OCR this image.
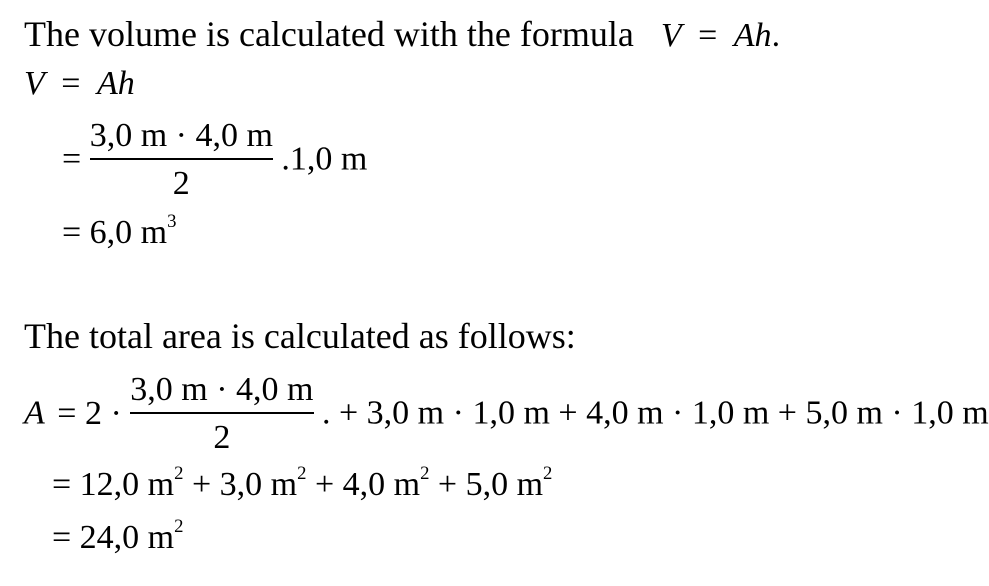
The volume is calculated with the formula V = Ah.
V = Ah
= $\frac{3,0 m \cdot 4,0 m}{2} .1,0$ m
= 6,0 $m^3$
The total area is calculated as follows:
$A = 2 \cdot \frac{3,0 m \cdot 4,0 m}{2}$ . + 3,0 m · 1,0 m + 4,0 m · 1,0 m + 5,0 m · 1,0 m
= 12,0 $m^2 + 3,0$ $m^2 + 4,0$ $m^2 + 5,0$ $m^2$
= 24,0 $m^2$
